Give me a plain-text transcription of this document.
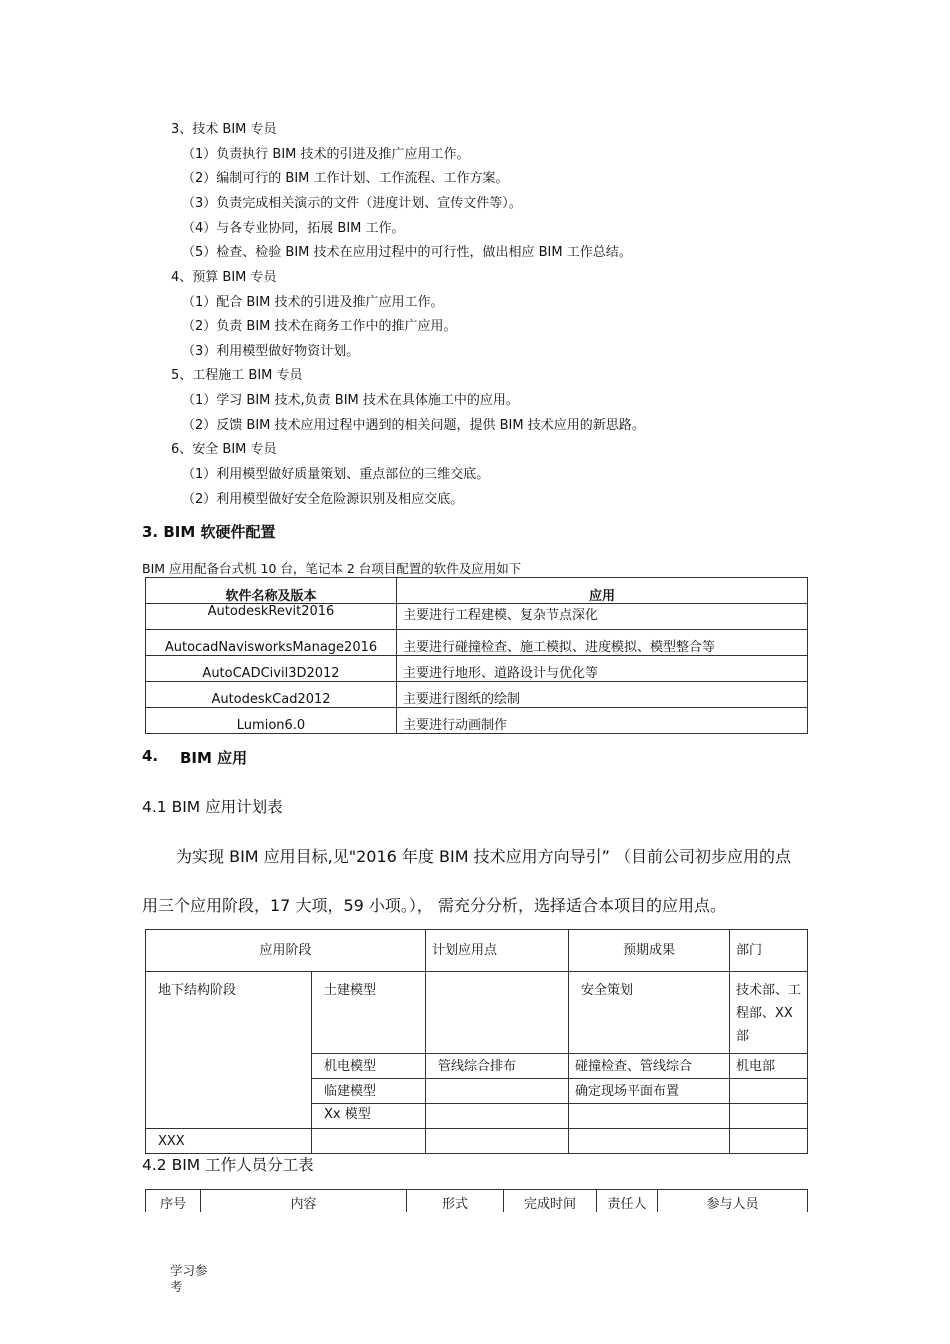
3、技术 BIM 专员
（1）负责执行 BIM 技术的引进及推广应用工作。
（2）编制可行的 BIM 工作计划、工作流程、工作方案。
（3）负责完成相关演示的文件（进度计划、宣传文件等）。
（4）与各专业协同，拓展 BIM 工作。
（5）检查、检验 BIM 技术在应用过程中的可行性，做出相应 BIM 工作总结。
4、预算 BIM 专员
（1）配合 BIM 技术的引进及推广应用工作。
（2）负责 BIM 技术在商务工作中的推广应用。
（3）利用模型做好物资计划。
5、工程施工 BIM 专员
（1）学习 BIM 技术,负责 BIM 技术在具体施工中的应用。
（2）反馈 BIM 技术应用过程中遇到的相关问题，提供 BIM 技术应用的新思路。
6、安全 BIM 专员
（1）利用模型做好质量策划、重点部位的三维交底。
（2）利用模型做好安全危险源识别及相应交底。
3. BIM 软硬件配置
BIM 应用配备台式机 10 台，笔记本 2 台项目配置的软件及应用如下
软件名称及版本	应用
AutodeskRevit2016	主要进行工程建模、复杂节点深化
AutocadNavisworksManage2016	主要进行碰撞检查、施工模拟、进度模拟、模型整合等
AutoCADCivil3D2012	主要进行地形、道路设计与优化等
AutodeskCad2012	主要进行图纸的绘制
Lumion6.0	主要进行动画制作
4. BIM 应用
4.1 BIM 应用计划表
为实现 BIM 应用目标,见"2016 年度 BIM 技术应用方向导引” （目前公司初步应用的点
用三个应用阶段，17 大项，59 小项。）， 需充分分析，选择适合本项目的应用点。
应用阶段		计划应用点	预期成果	部门
地下结构阶段	土建模型		安全策划	技术部、工程部、XX 部
	机电模型	管线综合排布	碰撞检查、管线综合	机电部
	临建模型		确定现场平面布置	
	Xx 模型			
XXX				
4.2 BIM 工作人员分工表
序号	内容	形式	完成时间	责任人	参与人员
学习参
考
